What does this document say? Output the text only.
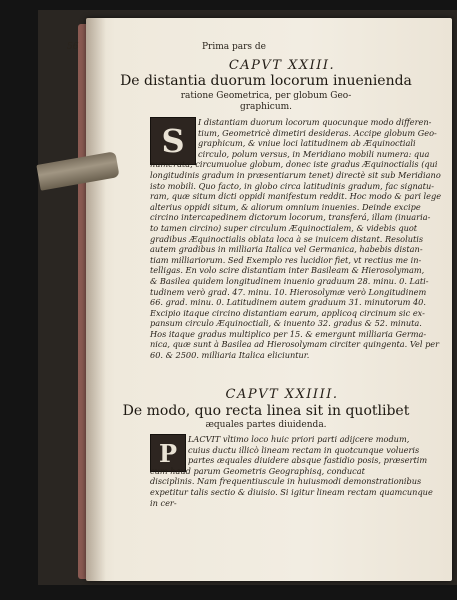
56	Prima pars de
CAPVT XXIII.
De distantia duorum locorum inuenienda
ratione Geometrica, per globum Geo-
graphicum.
S	I distantiam duorum locorum quocunque modo differen-
tium, Geometricè dimetiri desideras. Accipe globum Geo-
graphicum, & vniue loci latitudinem ab Æquinoctiali
circulo, polum versus, in Meridiano mobili numera: qua
numerata, circumuolue globum, donec iste gradus Æquinoctialis (qui
longitudinis gradum in præsentiarum tenet) directè sit sub Meridiano
isto mobili. Quo facto, in globo circa latitudinis gradum, fac signatu-
ram, quæ situm dicti oppidi manifestum reddit. Hoc modo & pari lege
alterius oppidi situm, & aliorum omnium inuenies. Deinde excipe
circino intercapedinem dictorum locorum, transferá, illam (inuaria-
to tamen circino) super circulum Æquinoctialem, & videbis quot
gradibus Æquinoctialis oblata loca à se inuicem distant. Resolutis
autem gradibus in milliaria Italica vel Germanica, habebis distan-
tiam milliariorum. Sed Exemplo res lucidior fiet, vt rectius me in-
telligas. En volo scire distantiam inter Basileam & Hierosolymam,
& Basilea quidem longitudinem inuenio graduum 28. minu. 0. Lati-
tudinem verò grad. 47. minu. 10. Hierosolymæ verò Longitudinem
66. grad. minu. 0. Latitudinem autem graduum 31. minutorum 40.
Excipio itaque circino distantiam earum, applicoq circinum sic ex-
pansum circulo Æquinoctiali, & inuento 32. gradus & 52. minuta.
Hos itaque gradus multiplico per 15. & emergunt milliaria Germa-
nica, quæ sunt à Basilea ad Hierosolymam circiter quingenta. Vel per
60. & 2500. milliaria Italica eliciuntur.
CAPVT XXIIII.
De modo, quo recta linea sit in quotlibet
æquales partes diuidenda.
P	LACVIT vltimo loco huic priori parti adijcere modum,
cuius ductu illicò lineam rectam in quotcunque volueris
partes æquales diuidere absque fastidio posis, præsertim
cum haud parum Geometris Geographisq, conducat
disciplinis. Nam frequentiuscule in huiusmodi demonstrationibus
expetitur talis sectio & diuisio. Si igitur lineam rectam quamcunque
in cer-
